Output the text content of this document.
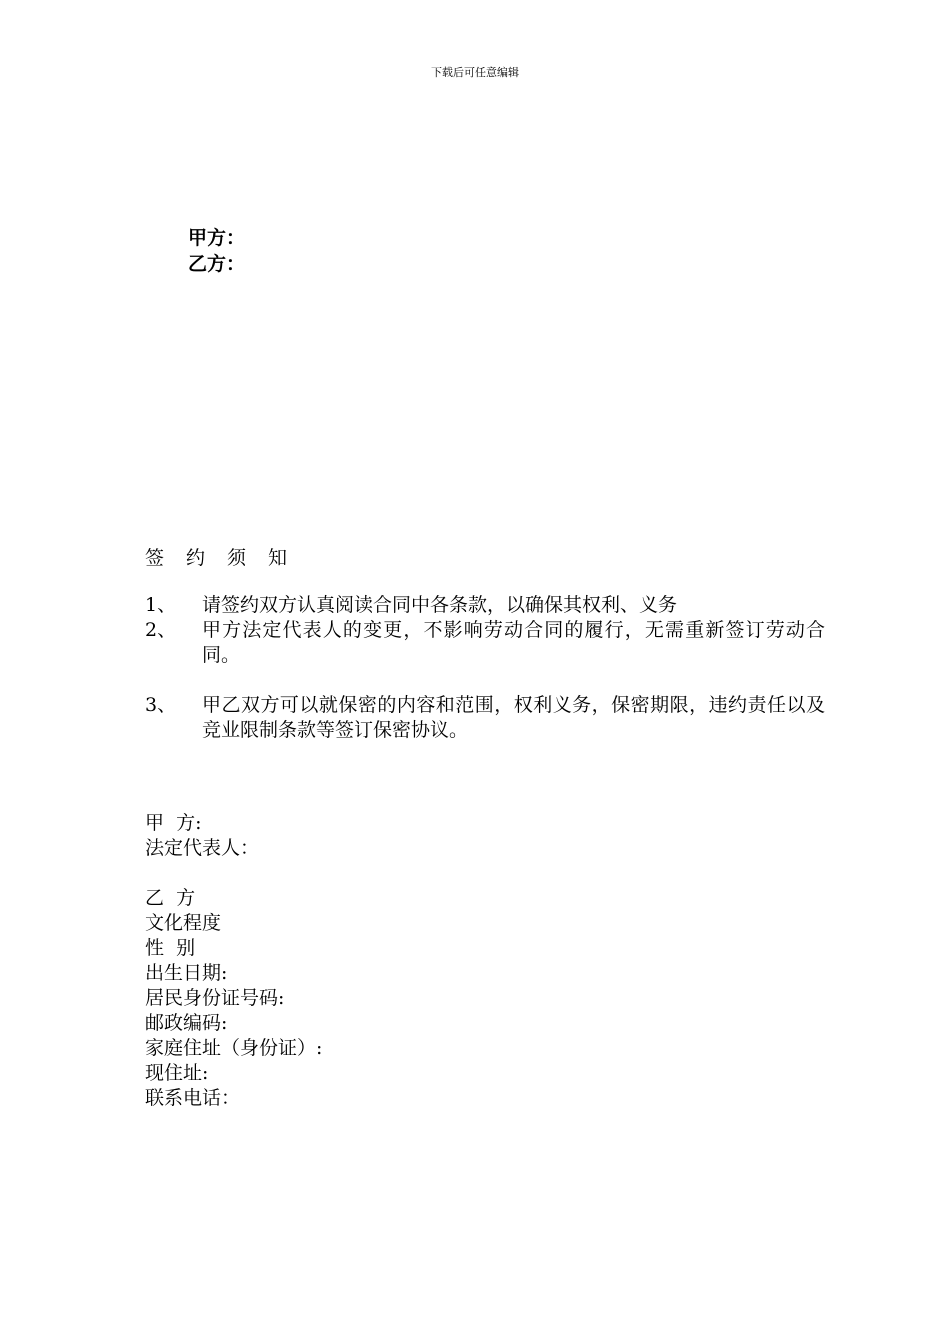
下载后可任意编辑
甲方：
乙方：
签约须知
1、	请签约双方认真阅读合同中各条款，以确保其权利、义务
2、	甲方法定代表人的变更，不影响劳动合同的履行，无需重新签订劳动合同。
3、	甲乙双方可以就保密的内容和范围，权利义务，保密期限，违约责任以及竞业限制条款等签订保密协议。
甲  方:
法定代表人：
乙  方
文化程度
性  别
出生日期:
居民身份证号码:
邮政编码:
家庭住址（身份证）:
现住址:
联系电话：
